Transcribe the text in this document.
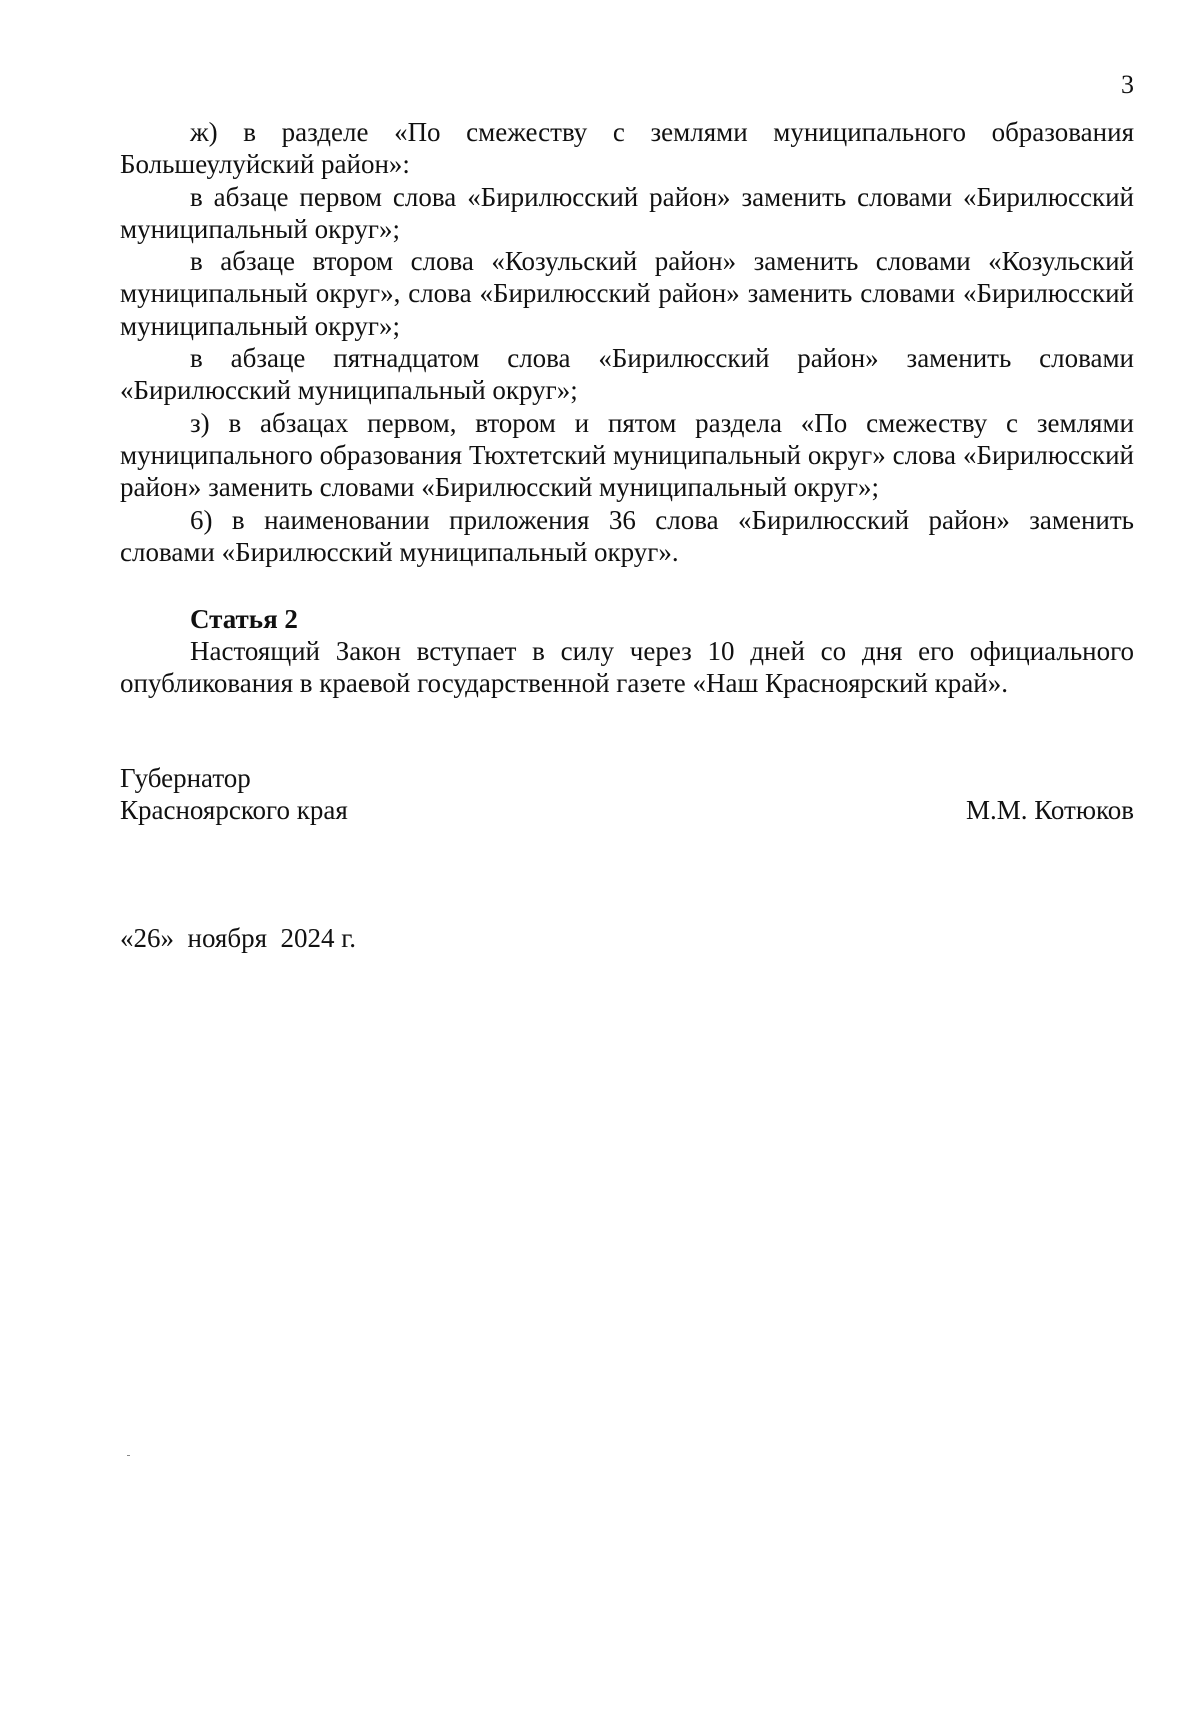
3

ж) в разделе «По смежеству с землями муниципального образования Большеулуйский район»:

в абзаце первом слова «Бирилюсский район» заменить словами «Бирилюсский муниципальный округ»;

в абзаце втором слова «Козульский район» заменить словами «Козульский муниципальный округ», слова «Бирилюсский район» заменить словами «Бирилюсский муниципальный округ»;

в абзаце пятнадцатом слова «Бирилюсский район» заменить словами «Бирилюсский муниципальный округ»;

з) в абзацах первом, втором и пятом раздела «По смежеству с землями муниципального образования Тюхтетский муниципальный округ» слова «Бирилюсский район» заменить словами «Бирилюсский муниципальный округ»;

6) в наименовании приложения 36 слова «Бирилюсский район» заменить словами «Бирилюсский муниципальный округ».

Статья 2

Настоящий Закон вступает в силу через 10 дней со дня его официального опубликования в краевой государственной газете «Наш Красноярский край».

Губернатор
Красноярского края	М.М. Котюков
«26»  ноября  2024 г.
